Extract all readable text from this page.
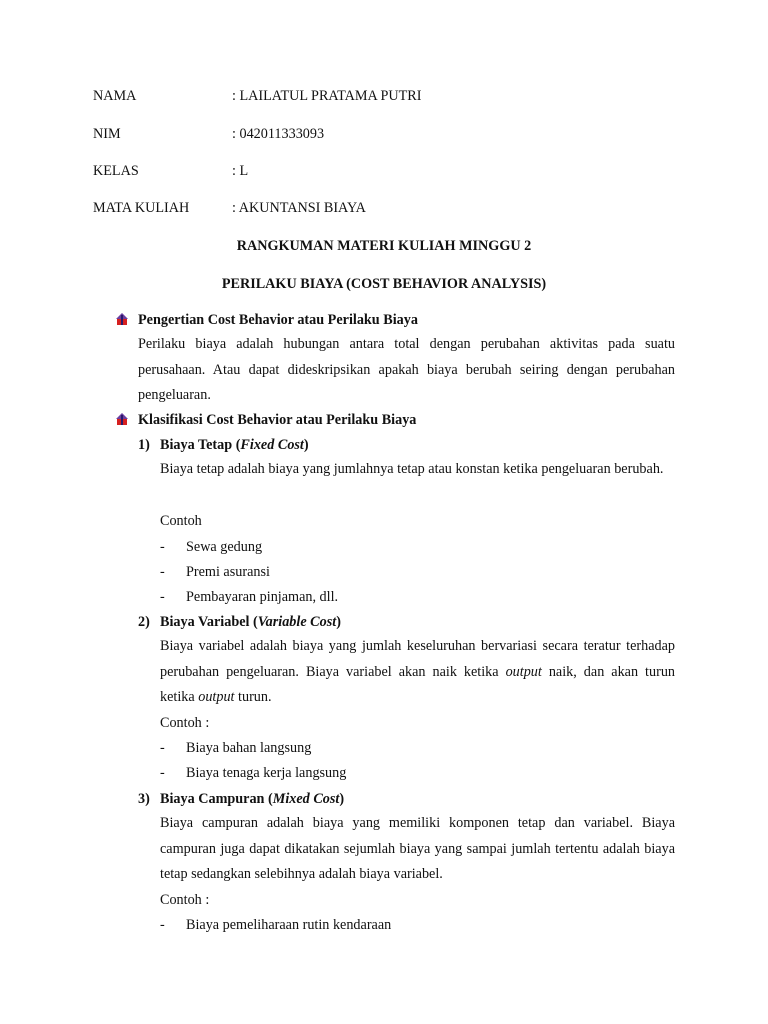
NAMA	: LAILATUL PRATAMA PUTRI
NIM	: 042011333093
KELAS	: L
MATA KULIAH	: AKUNTANSI BIAYA
RANGKUMAN MATERI KULIAH MINGGU 2
PERILAKU BIAYA (COST BEHAVIOR ANALYSIS)
Pengertian Cost Behavior atau Perilaku Biaya

Perilaku biaya adalah hubungan antara total dengan perubahan aktivitas pada suatu perusahaan. Atau dapat dideskripsikan apakah biaya berubah seiring dengan perubahan pengeluaran.

Klasifikasi Cost Behavior atau Perilaku Biaya
1) Biaya Tetap (Fixed Cost)

Biaya tetap adalah biaya yang jumlahnya tetap atau konstan ketika pengeluaran berubah.

Contoh
- Sewa gedung
- Premi asuransi
- Pembayaran pinjaman, dll.
2) Biaya Variabel (Variable Cost)

Biaya variabel adalah biaya yang jumlah keseluruhan bervariasi secara teratur terhadap perubahan pengeluaran. Biaya variabel akan naik ketika output naik, dan akan turun ketika output turun.

Contoh :
- Biaya bahan langsung
- Biaya tenaga kerja langsung
3) Biaya Campuran (Mixed Cost)

Biaya campuran adalah biaya yang memiliki komponen tetap dan variabel. Biaya campuran juga dapat dikatakan sejumlah biaya yang sampai jumlah tertentu adalah biaya tetap sedangkan selebihnya adalah biaya variabel.

Contoh :
- Biaya pemeliharaan rutin kendaraan
